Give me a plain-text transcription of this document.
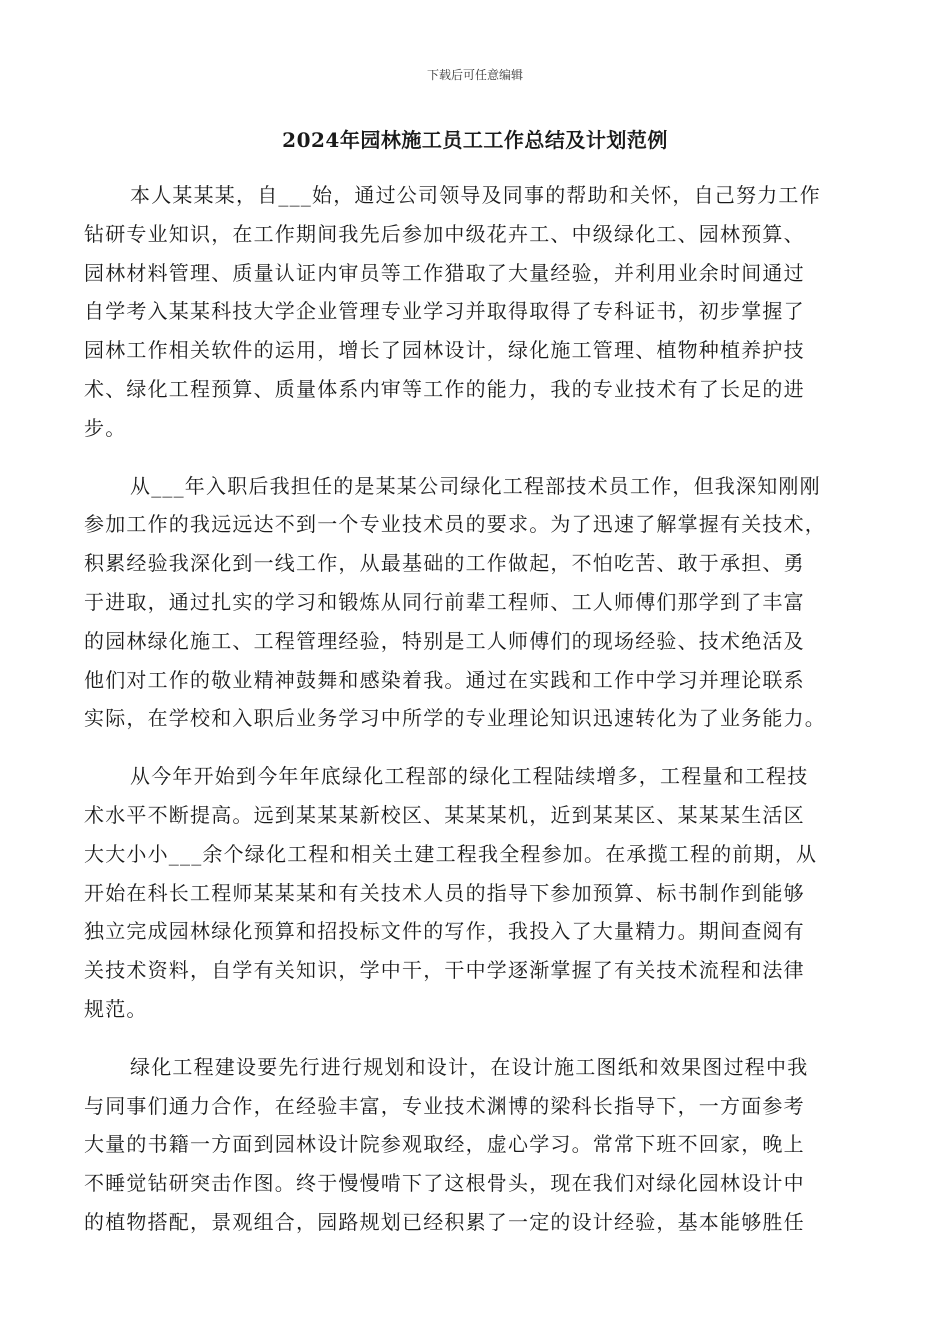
下载后可任意编辑
2024年园林施工员工工作总结及计划范例

本人某某某，自___始，通过公司领导及同事的帮助和关怀，自己努力工作
钻研专业知识，在工作期间我先后参加中级花卉工、中级绿化工、园林预算、
园林材料管理、质量认证内审员等工作猎取了大量经验，并利用业余时间通过
自学考入某某科技大学企业管理专业学习并取得取得了专科证书，初步掌握了
园林工作相关软件的运用，增长了园林设计，绿化施工管理、植物种植养护技
术、绿化工程预算、质量体系内审等工作的能力，我的专业技术有了长足的进
步。

从___年入职后我担任的是某某公司绿化工程部技术员工作，但我深知刚刚
参加工作的我远远达不到一个专业技术员的要求。为了迅速了解掌握有关技术，
积累经验我深化到一线工作，从最基础的工作做起，不怕吃苦、敢于承担、勇
于进取，通过扎实的学习和锻炼从同行前辈工程师、工人师傅们那学到了丰富
的园林绿化施工、工程管理经验，特别是工人师傅们的现场经验、技术绝活及
他们对工作的敬业精神鼓舞和感染着我。通过在实践和工作中学习并理论联系
实际，在学校和入职后业务学习中所学的专业理论知识迅速转化为了业务能力。

从今年开始到今年年底绿化工程部的绿化工程陆续增多，工程量和工程技
术水平不断提高。远到某某某新校区、某某某机，近到某某区、某某某生活区
大大小小___余个绿化工程和相关土建工程我全程参加。在承揽工程的前期，从
开始在科长工程师某某某和有关技术人员的指导下参加预算、标书制作到能够
独立完成园林绿化预算和招投标文件的写作，我投入了大量精力。期间查阅有
关技术资料，自学有关知识，学中干，干中学逐渐掌握了有关技术流程和法律
规范。

绿化工程建设要先行进行规划和设计，在设计施工图纸和效果图过程中我
与同事们通力合作，在经验丰富，专业技术渊博的梁科长指导下，一方面参考
大量的书籍一方面到园林设计院参观取经，虚心学习。常常下班不回家，晚上
不睡觉钻研突击作图。终于慢慢啃下了这根骨头，现在我们对绿化园林设计中
的植物搭配，景观组合，园路规划已经积累了一定的设计经验，基本能够胜任
